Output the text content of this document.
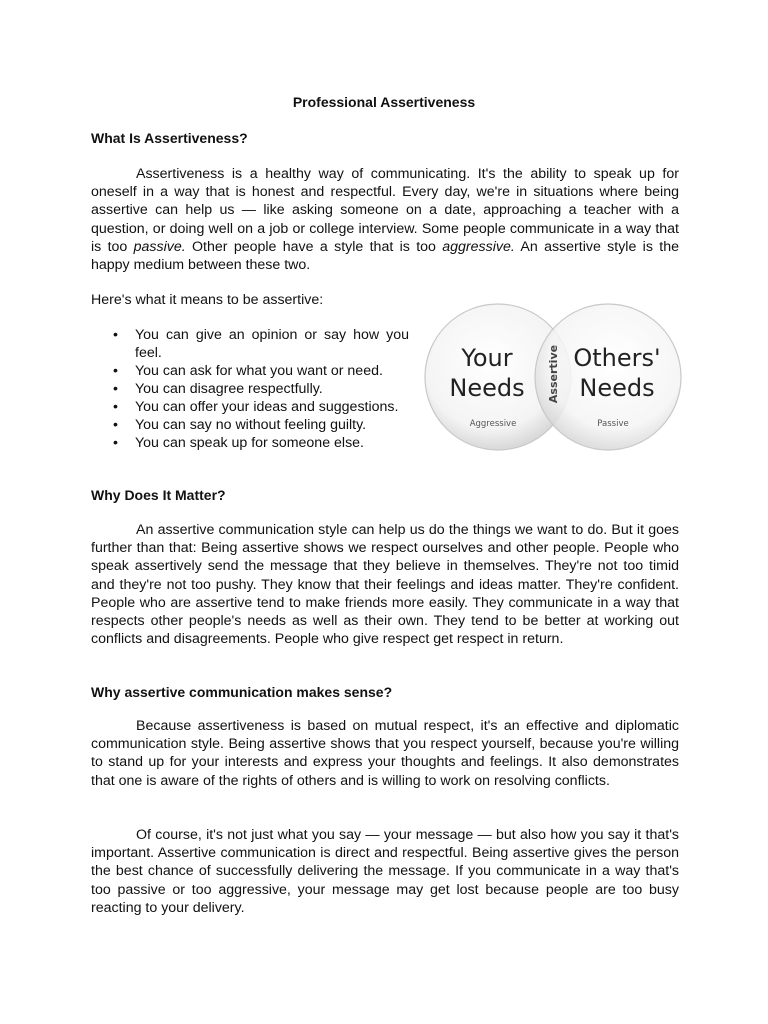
Professional Assertiveness
What Is Assertiveness?

Assertiveness is a healthy way of communicating. It's the ability to speak up for oneself in a way that is honest and respectful. Every day, we're in situations where being assertive can help us — like asking someone on a date, approaching a teacher with a question, or doing well on a job or college interview. Some people communicate in a way that is too passive. Other people have a style that is too aggressive. An assertive style is the happy medium between these two.

Here's what it means to be assertive:
• You can give an opinion or say how you feel.
• You can ask for what you want or need.
• You can disagree respectfully.
• You can offer your ideas and suggestions.
• You can say no without feeling guilty.
• You can speak up for someone else.
Your
Needs
Others'
Needs
Assertive
Aggressive	Passive
Why Does It Matter?

An assertive communication style can help us do the things we want to do. But it goes further than that: Being assertive shows we respect ourselves and other people. People who speak assertively send the message that they believe in themselves. They're not too timid and they're not too pushy. They know that their feelings and ideas matter. They're confident. People who are assertive tend to make friends more easily. They communicate in a way that respects other people's needs as well as their own. They tend to be better at working out conflicts and disagreements. People who give respect get respect in return.

Why assertive communication makes sense?

Because assertiveness is based on mutual respect, it's an effective and diplomatic communication style. Being assertive shows that you respect yourself, because you're willing to stand up for your interests and express your thoughts and feelings. It also demonstrates that one is aware of the rights of others and is willing to work on resolving conflicts.

Of course, it's not just what you say — your message — but also how you say it that's important. Assertive communication is direct and respectful. Being assertive gives the person the best chance of successfully delivering the message. If you communicate in a way that's too passive or too aggressive, your message may get lost because people are too busy reacting to your delivery.
